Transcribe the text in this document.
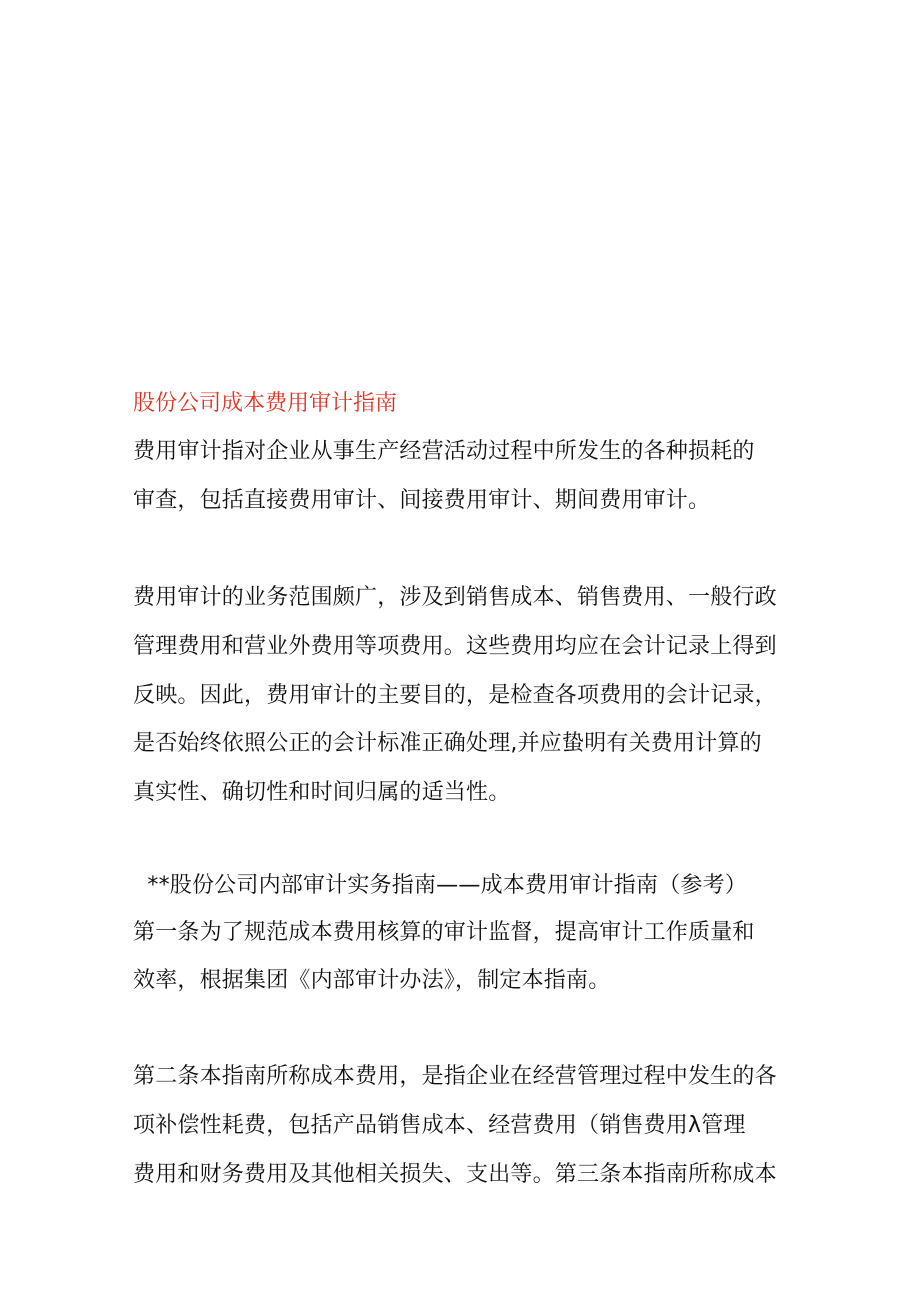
股份公司成本费用审计指南
费用审计指对企业从事生产经营活动过程中所发生的各种损耗的
审查，包括直接费用审计、间接费用审计、期间费用审计。
费用审计的业务范围颇广，涉及到销售成本、销售费用、一般行政
管理费用和营业外费用等项费用。这些费用均应在会计记录上得到
反映。因此，费用审计的主要目的，是检查各项费用的会计记录，
是否始终依照公正的会计标准正确处理,并应蛰明有关费用计算的
真实性、确切性和时间归属的适当性。
**股份公司内部审计实务指南——成本费用审计指南（参考）
第一条为了规范成本费用核算的审计监督，提高审计工作质量和
效率，根据集团《内部审计办法》，制定本指南。
第二条本指南所称成本费用，是指企业在经营管理过程中发生的各
项补偿性耗费，包括产品销售成本、经营费用（销售费用λ管理
费用和财务费用及其他相关损失、支出等。第三条本指南所称成本
